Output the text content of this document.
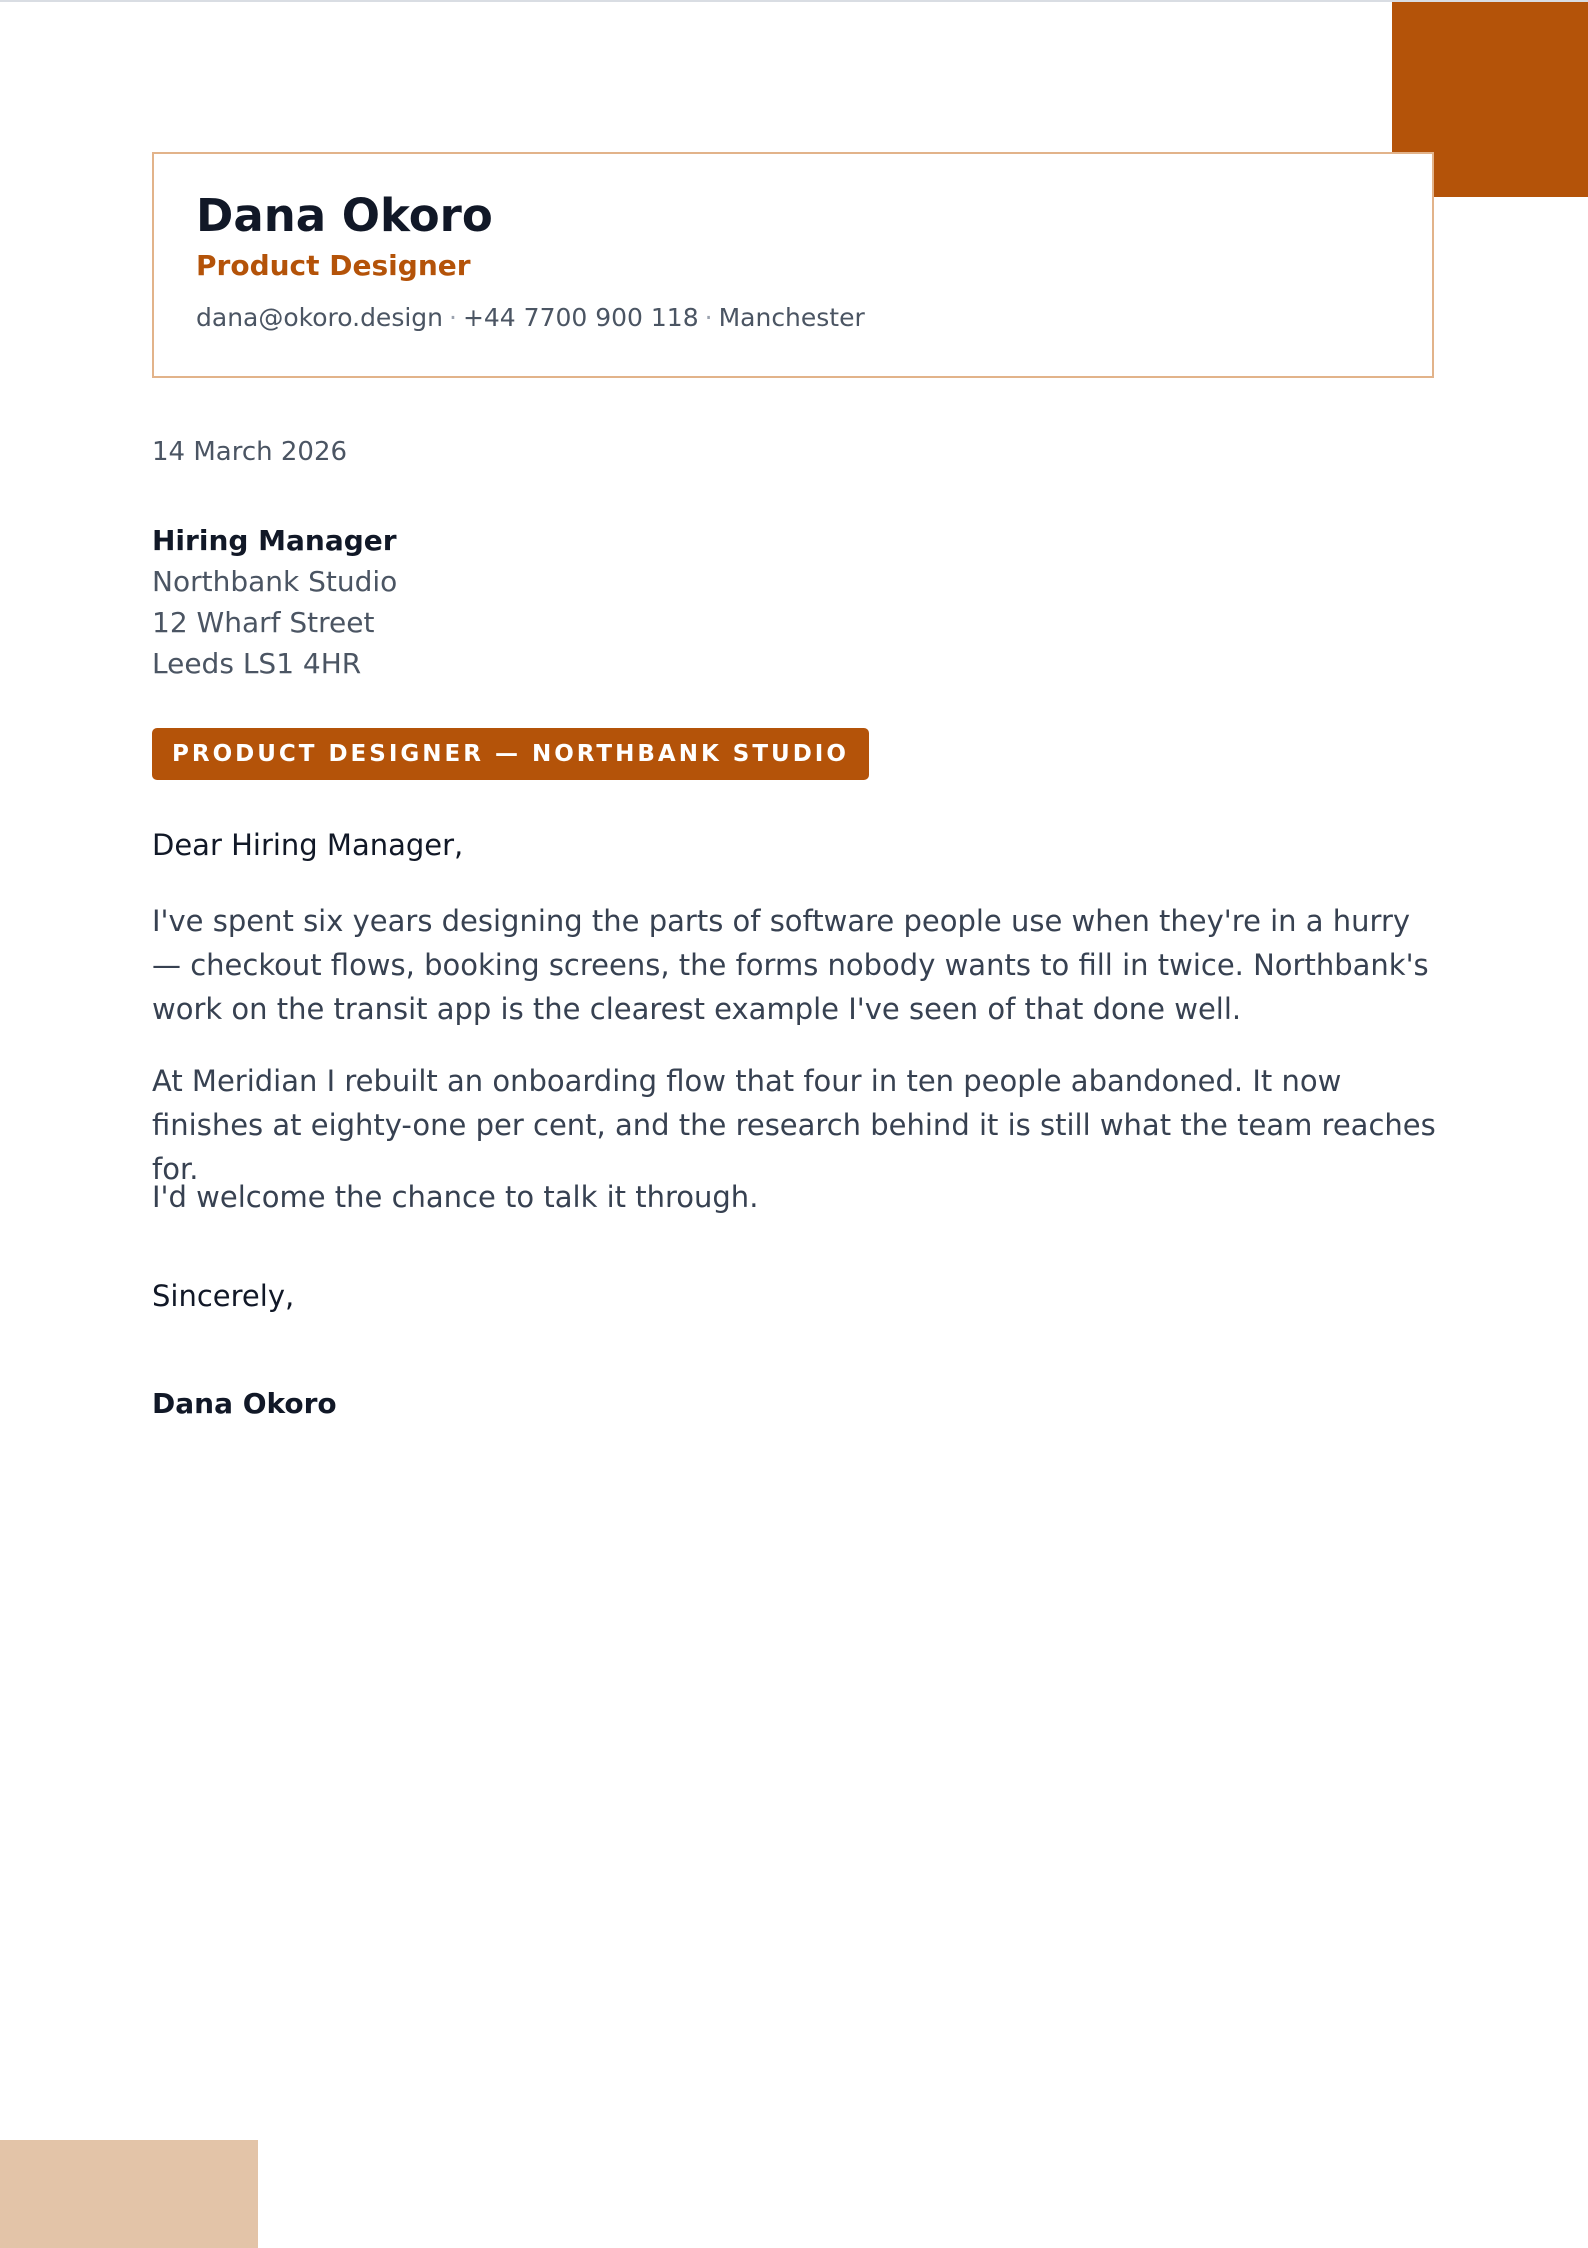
Dana Okoro
Product Designer
dana@okoro.design · +44 7700 900 118 · Manchester
14 March 2026
Hiring Manager
Northbank Studio
12 Wharf Street
Leeds LS1 4HR
PRODUCT DESIGNER — NORTHBANK STUDIO
Dear Hiring Manager,

I've spent six years designing the parts of software people use when they're in a hurry — checkout flows, booking screens, the forms nobody wants to fill in twice. Northbank's work on the transit app is the clearest example I've seen of that done well.

At Meridian I rebuilt an onboarding flow that four in ten people abandoned. It now finishes at eighty-one per cent, and the research behind it is still what the team reaches for.

I'd welcome the chance to talk it through.

Sincerely,
Dana Okoro
